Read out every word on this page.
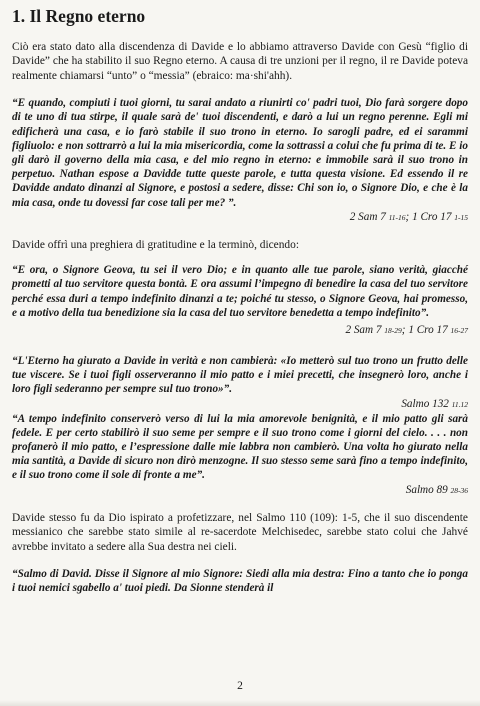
1. Il Regno eterno

Ciò era stato dato alla discendenza di Davide e lo abbiamo attraverso Davide con Gesù “figlio di Davide” che ha stabilito il suo Regno eterno. A causa di tre unzioni per il regno, il re Davide poteva realmente chiamarsi “unto” o “messia” (ebraico: ma·shi'ahh).

“E quando, compiuti i tuoi giorni, tu sarai andato a riunirti co' padri tuoi, Dio farà sorgere dopo di te uno di tua stirpe, il quale sarà de' tuoi discendenti, e darò a lui un regno perenne. Egli mi edificherà una casa, e io farò stabile il suo trono in eterno. Io sarogli padre, ed ei sarammi figliuolo: e non sottrarrò a lui la mia misericordia, come la sottrassi a colui che fu prima di te. E io gli darò il governo della mia casa, e del mio regno in eterno: e immobile sarà il suo trono in perpetuo. Nathan espose a Davidde tutte queste parole, e tutta questa visione. Ed essendo il re Davidde andato dinanzi al Signore, e postosi a sedere, disse: Chi son io, o Signore Dio, e che è la mia casa, onde tu dovessi far cose tali per me? ”.

2 Sam 7 11-16; 1 Cro 17 1-15

Davide offrì una preghiera di gratitudine e la terminò, dicendo:

“E ora, o Signore Geova, tu sei il vero Dio; e in quanto alle tue parole, siano verità, giacché prometti al tuo servitore questa bontà. E ora assumi l’impegno di benedire la casa del tuo servitore perché essa duri a tempo indefinito dinanzi a te; poiché tu stesso, o Signore Geova, hai promesso, e a motivo della tua benedizione sia la casa del tuo servitore benedetta a tempo indefinito”.

2 Sam 7 18-29; 1 Cro 17 16-27

“L'Eterno ha giurato a Davide in verità e non cambierà: «Io metterò sul tuo trono un frutto delle tue viscere. Se i tuoi figli osserveranno il mio patto e i miei precetti, che insegnerò loro, anche i loro figli sederanno per sempre sul tuo trono»”.

Salmo 132 11.12

“A tempo indefinito conserverò verso di lui la mia amorevole benignità, e il mio patto gli sarà fedele. E per certo stabilirò il suo seme per sempre e il suo trono come i giorni del cielo. . . . non profanerò il mio patto, e l’espressione dalle mie labbra non cambierò. Una volta ho giurato nella mia santità, a Davide di sicuro non dirò menzogne. Il suo stesso seme sarà fino a tempo indefinito, e il suo trono come il sole di fronte a me”.

Salmo 89 28-36

Davide stesso fu da Dio ispirato a profetizzare, nel Salmo 110 (109): 1-5, che il suo discendente messianico che sarebbe stato simile al re-sacerdote Melchisedec, sarebbe stato colui che Jahvé avrebbe invitato a sedere alla Sua destra nei cieli.

“Salmo di David. Disse il Signore al mio Signore: Siedi alla mia destra: Fino a tanto che io ponga i tuoi nemici sgabello a' tuoi piedi. Da Sionne stenderà il

2
